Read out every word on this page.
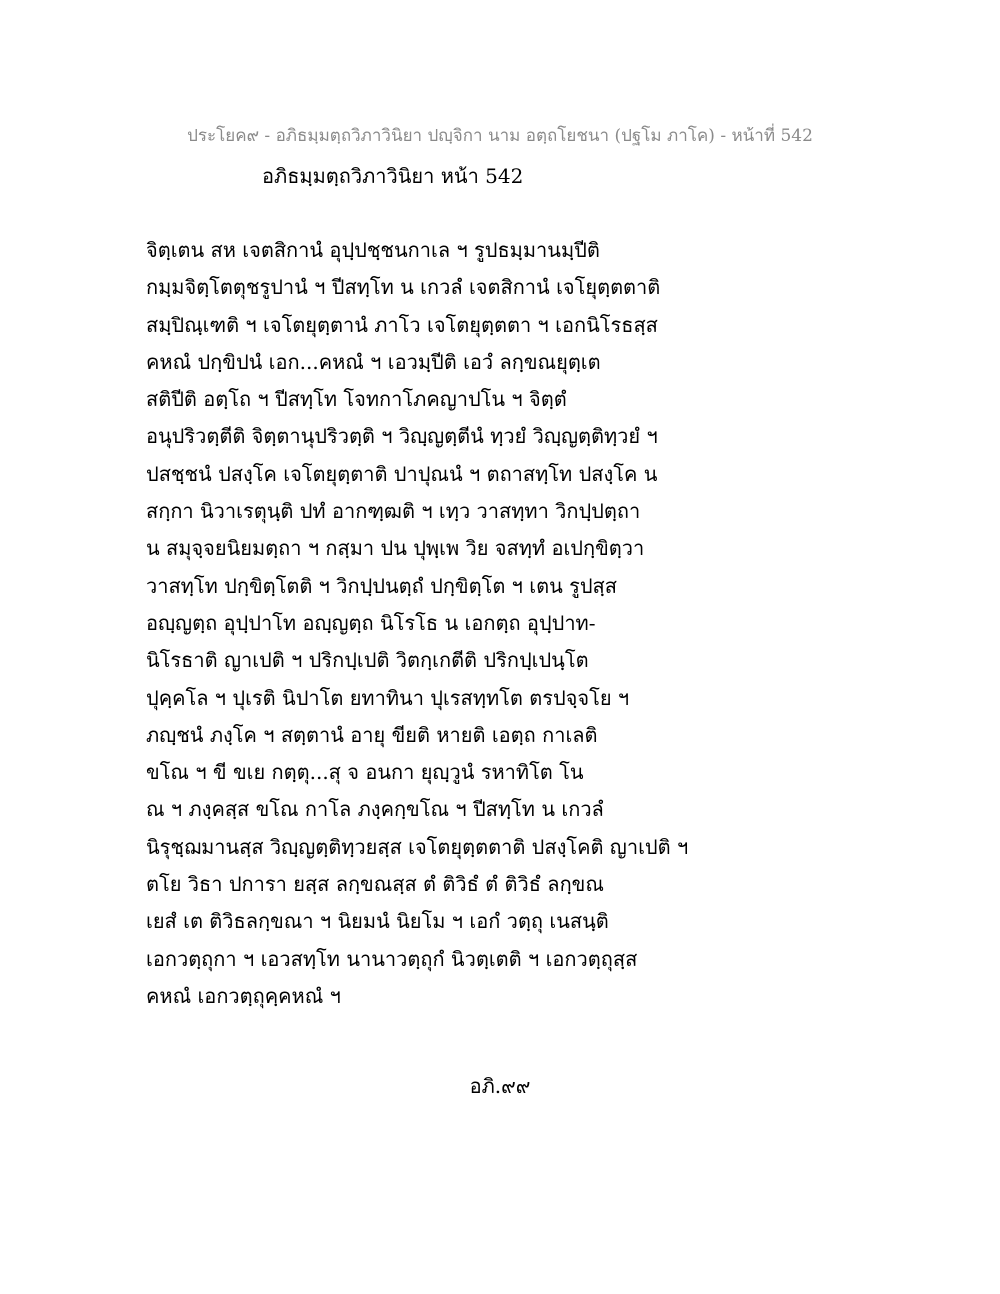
ประโยค๙ - อภิธมฺมตฺถวิภาวินิยา ปญฺจิกา นาม อตฺถโยชนา (ปฐโม ภาโค) - หน้าที่ 542
อภิธมฺมตฺถวิภาวินิยา หน้า 542
จิตฺเตน สห เจตสิกานํ อุปฺปชฺชนกาเล ฯ รูปธมฺมานมฺปีติ
กมฺมจิตฺโตตุชรูปานํ ฯ ปีสทฺโท น เกวลํ เจตสิกานํ เจโยุตฺตตาติ
สมฺปิณฺเฑติ ฯ เจโตยุตฺตานํ ภาโว เจโตยุตฺตตา ฯ เอกนิโรธสฺส
คหณํ ปกฺขิปนํ เอก...คหณํ ฯ เอวมฺปีติ เอวํ ลกฺขณยุตฺเต
สติปีติ อตฺโถ ฯ ปีสทฺโท โจทกาโภคญาปโน ฯ จิตฺตํ
อนุปริวตฺตีติ จิตฺตานุปริวตฺติ ฯ วิญฺญตฺตีนํ ทฺวยํ วิญฺญตฺติทฺวยํ ฯ
ปสชฺชนํ ปสงฺโค เจโตยุตฺตาติ ปาปุณนํ ฯ ตถาสทฺโท ปสงฺโค น
สกฺกา นิวาเรตุนฺติ ปทํ อากฑฺฒติ ฯ เทฺว วาสทฺทา วิกปฺปตฺถา
น สมุจฺจยนิยมตฺถา ฯ กสฺมา ปน ปุพฺเพ วิย จสทฺทํ อเปกฺขิตฺวา
วาสทฺโท ปกฺขิตฺโตติ ฯ วิกปฺปนตฺถํ ปกฺขิตฺโต ฯ เตน รูปสฺส
อญฺญตฺถ อุปฺปาโท อญฺญตฺถ นิโรโธ น เอกตฺถ อุปฺปาท-
นิโรธาติ ญาเปติ ฯ ปริกปฺเปติ วิตกฺเกตีติ ปริกปฺเปนฺโต
ปุคฺคโล ฯ ปุเรติ นิปาโต ยทาทินา ปุเรสทฺทโต ตรปจฺจโย ฯ
ภญฺชนํ ภงฺโค ฯ สตฺตานํ อายุ ขียติ หายติ เอตฺถ กาเลติ
ขโณ ฯ ขี ขเย กตฺตุ...สุ จ อนกา ยุญฺวูนํ รหาทิโต โน
ณ ฯ ภงฺคสฺส ขโณ กาโล ภงฺคกฺขโณ ฯ ปีสทฺโท น เกวลํ
นิรุชฺฌมานสฺส วิญฺญตฺติทฺวยสฺส เจโตยุตฺตตาติ ปสงฺโคติ ญาเปติ ฯ
ตโย วิธา ปการา ยสฺส ลกฺขณสฺส ตํ ติวิธํ ตํ ติวิธํ ลกฺขณ
เยสํ เต ติวิธลกฺขณา ฯ นิยมนํ นิยโม ฯ เอกํ วตฺถุ เนสนฺติ
เอกวตฺถุกา ฯ เอวสทฺโท นานาวตฺถุกํ นิวตฺเตติ ฯ เอกวตฺถุสฺส
คหณํ เอกวตฺถุคฺคหณํ ฯ
อภิ.๙๙
